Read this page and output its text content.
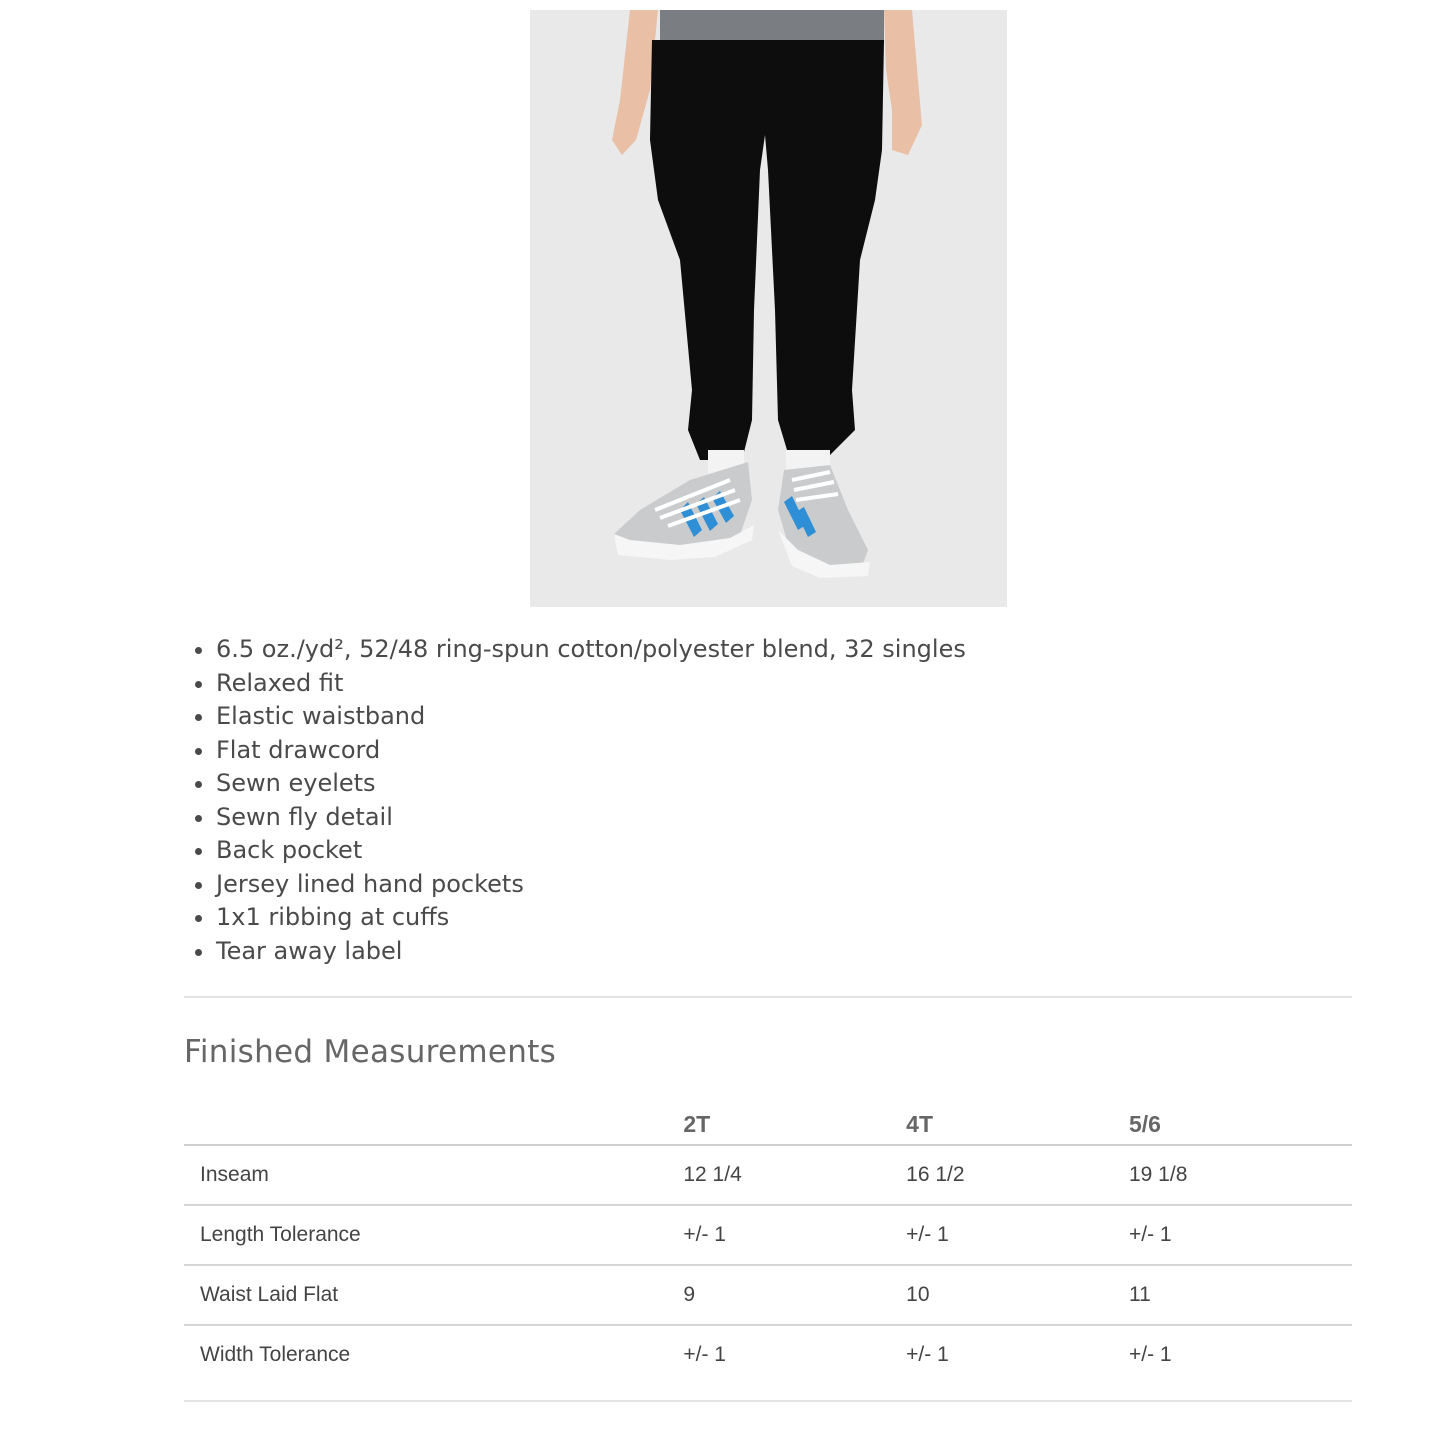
• 6.5 oz./yd², 52/48 ring-spun cotton/polyester blend, 32 singles
• Relaxed fit
• Elastic waistband
• Flat drawcord
• Sewn eyelets
• Sewn fly detail
• Back pocket
• Jersey lined hand pockets
• 1x1 ribbing at cuffs
• Tear away label
Finished Measurements
	2T	4T	5/6
Inseam	12 1/4	16 1/2	19 1/8
Length Tolerance	+/- 1	+/- 1	+/- 1
Waist Laid Flat	9	10	11
Width Tolerance	+/- 1	+/- 1	+/- 1
